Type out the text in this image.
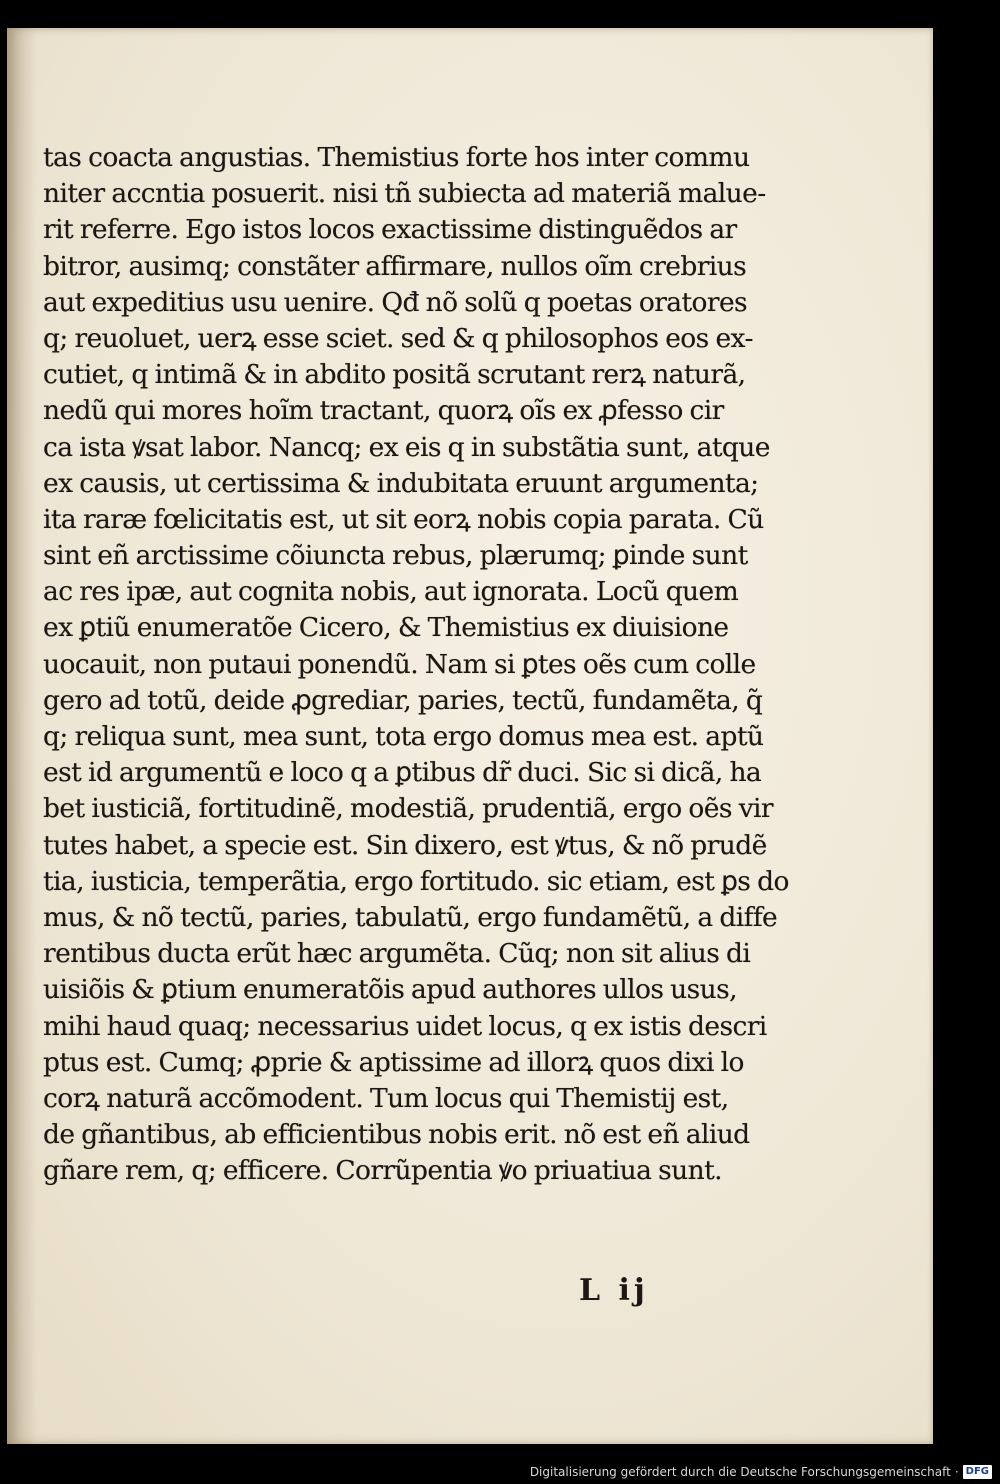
tas coacta angustias. Themistius forte hos inter commu
niter accntia posuerit. nisi tñ subiecta ad materiã malue-
rit referre. Ego istos locos exactissime distinguẽdos ar
bitror, ausimq; constãter affirmare, nullos oĩm crebrius
aut expeditius usu uenire. Qđ nõ solũ q poetas oratores
q; reuoluet, uerꝝ esse sciet. sed & q philosophos eos ex-
cutiet, q intimã & in abdito positã scrutant rerꝝ naturã,
nedũ qui mores hoĩm tractant, quorꝝ oĩs ex ꝓfesso cir
ca ista ꝟsat labor. Nancq; ex eis q in substãtia sunt, atque
ex causis, ut certissima & indubitata eruunt argumenta;
ita raræ fœlicitatis est, ut sit eorꝝ nobis copia parata. Cũ
sint eñ arctissime cõiuncta rebus, plærumq; ꝑinde sunt
ac res ipæ, aut cognita nobis, aut ignorata. Locũ quem
ex ꝑtiũ enumeratõe Cicero, & Themistius ex diuisione
uocauit, non putaui ponendũ. Nam si ꝑtes oẽs cum colle
gero ad totũ, deide ꝓgrediar, paries, tectũ, fundamẽta, q̃
q; reliqua sunt, mea sunt, tota ergo domus mea est. aptũ
est id argumentũ e loco q a ꝑtibus dr̃ duci. Sic si dicã, ha
bet iusticiã, fortitudinẽ, modestiã, prudentiã, ergo oẽs vir
tutes habet, a specie est. Sin dixero, est ꝟtus, & nõ prudẽ
tia, iusticia, temperãtia, ergo fortitudo. sic etiam, est ꝑs do
mus, & nõ tectũ, paries, tabulatũ, ergo fundamẽtũ, a diffe
rentibus ducta erũt hæc argumẽta. Cũq; non sit alius di
uisiõis & ꝑtium enumeratõis apud authores ullos usus,
mihi haud quaq; necessarius uidet locus, q ex istis descri
ptus est. Cumq; ꝓprie & aptissime ad illorꝝ quos dixi lo
corꝝ naturã accõmodent. Tum locus qui Themistij est,
de gñantibus, ab efficientibus nobis erit. nõ est eñ aliud
gñare rem, q; efficere. Corrũpentia ꝟo priuatiua sunt.
L ij
Digitalisierung gefördert durch die Deutsche Forschungsgemeinschaft · DFG
